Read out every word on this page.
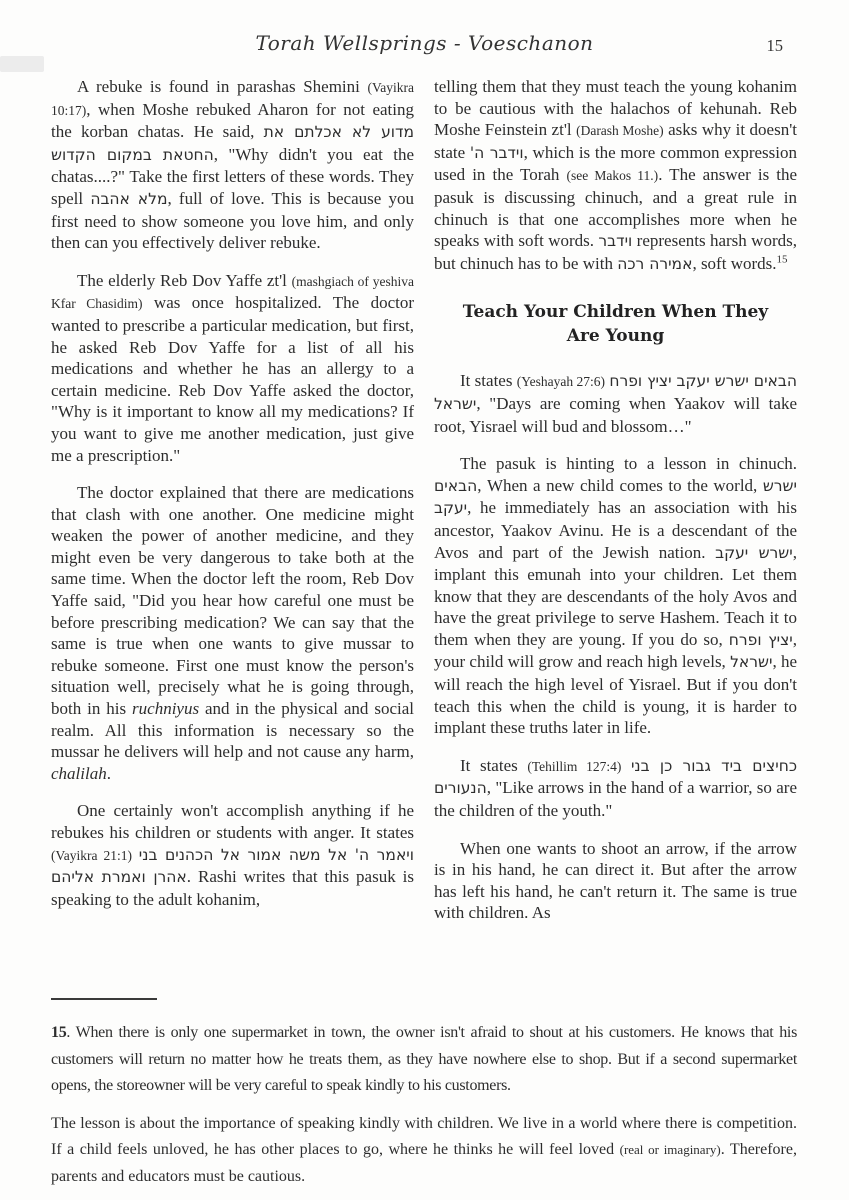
Torah Wellsprings - Voeschanon	15

A rebuke is found in parashas Shemini (Vayikra 10:17), when Moshe rebuked Aharon for not eating the korban chatas. He said, מדוע לא אכלתם את החטאת במקום הקדוש, "Why didn't you eat the chatas....?" Take the first letters of these words. They spell מלא אהבה, full of love. This is because you first need to show someone you love him, and only then can you effectively deliver rebuke.

The elderly Reb Dov Yaffe zt'l (mashgiach of yeshiva Kfar Chasidim) was once hospitalized. The doctor wanted to prescribe a particular medication, but first, he asked Reb Dov Yaffe for a list of all his medications and whether he has an allergy to a certain medicine. Reb Dov Yaffe asked the doctor, "Why is it important to know all my medications? If you want to give me another medication, just give me a prescription."

The doctor explained that there are medications that clash with one another. One medicine might weaken the power of another medicine, and they might even be very dangerous to take both at the same time. When the doctor left the room, Reb Dov Yaffe said, "Did you hear how careful one must be before prescribing medication? We can say that the same is true when one wants to give mussar to rebuke someone. First one must know the person's situation well, precisely what he is going through, both in his ruchniyus and in the physical and social realm. All this information is necessary so the mussar he delivers will help and not cause any harm, chalilah.

One certainly won't accomplish anything if he rebukes his children or students with anger. It states (Vayikra 21:1) ויאמר ה' אל משה אמור אל הכהנים בני אהרן ואמרת אליהם. Rashi writes that this pasuk is speaking to the adult kohanim,

telling them that they must teach the young kohanim to be cautious with the halachos of kehunah. Reb Moshe Feinstein zt'l (Darash Moshe) asks why it doesn't state וידבר ה', which is the more common expression used in the Torah (see Makos 11.). The answer is the pasuk is discussing chinuch, and a great rule in chinuch is that one accomplishes more when he speaks with soft words. וידבר represents harsh words, but chinuch has to be with אמירה רכה, soft words.$^{15}$

Teach Your Children When They Are Young

It states (Yeshayah 27:6) הבאים ישרש יעקב יציץ ופרח ישראל, "Days are coming when Yaakov will take root, Yisrael will bud and blossom…"

The pasuk is hinting to a lesson in chinuch. הבאים, When a new child comes to the world, ישרש יעקב, he immediately has an association with his ancestor, Yaakov Avinu. He is a descendant of the Avos and part of the Jewish nation. ישרש יעקב, implant this emunah into your children. Let them know that they are descendants of the holy Avos and have the great privilege to serve Hashem. Teach it to them when they are young. If you do so, יציץ ופרח, your child will grow and reach high levels, ישראל, he will reach the high level of Yisrael. But if you don't teach this when the child is young, it is harder to implant these truths later in life.

It states (Tehillim 127:4) כחיצים ביד גבור כן בני הנעורים, "Like arrows in the hand of a warrior, so are the children of the youth."

When one wants to shoot an arrow, if the arrow is in his hand, he can direct it. But after the arrow has left his hand, he can't return it. The same is true with children. As

15. When there is only one supermarket in town, the owner isn't afraid to shout at his customers. He knows that his customers will return no matter how he treats them, as they have nowhere else to shop. But if a second supermarket opens, the storeowner will be very careful to speak kindly to his customers.

The lesson is about the importance of speaking kindly with children. We live in a world where there is competition. If a child feels unloved, he has other places to go, where he thinks he will feel loved (real or imaginary). Therefore, parents and educators must be cautious.
